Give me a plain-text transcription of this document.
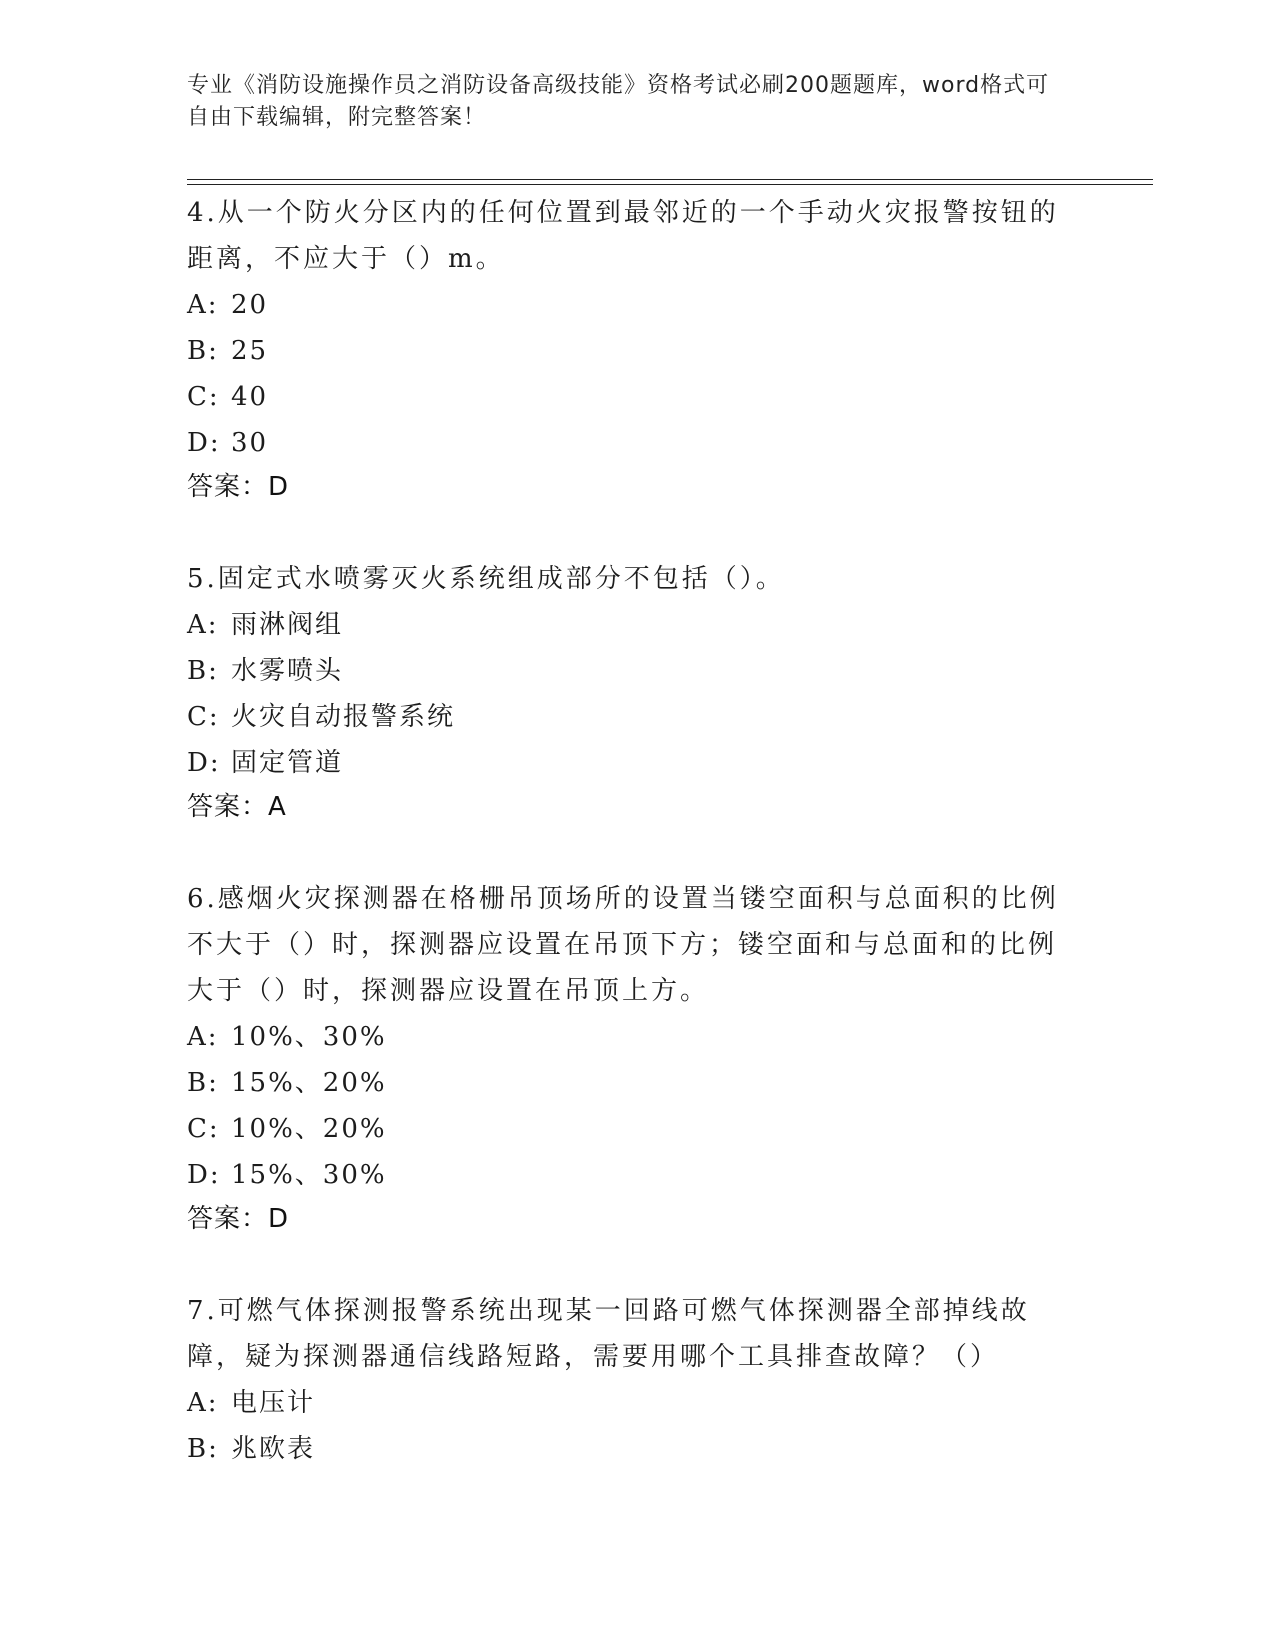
专业《消防设施操作员之消防设备高级技能》资格考试必刷200题题库，word格式可自由下载编辑，附完整答案！

4.从一个防火分区内的任何位置到最邻近的一个手动火灾报警按钮的距离，不应大于（）m。

A: 20
B: 25
C: 40
D: 30

答案：D

5.固定式水喷雾灭火系统组成部分不包括（）。

A: 雨淋阀组
B: 水雾喷头
C: 火灾自动报警系统
D: 固定管道

答案：A

6.感烟火灾探测器在格栅吊顶场所的设置当镂空面积与总面积的比例不大于（）时，探测器应设置在吊顶下方；镂空面和与总面和的比例大于（）时，探测器应设置在吊顶上方。

A: 10%、30%
B: 15%、20%
C: 10%、20%
D: 15%、30%

答案：D

7.可燃气体探测报警系统出现某一回路可燃气体探测器全部掉线故障，疑为探测器通信线路短路，需要用哪个工具排查故障？（）

A: 电压计
B: 兆欧表
